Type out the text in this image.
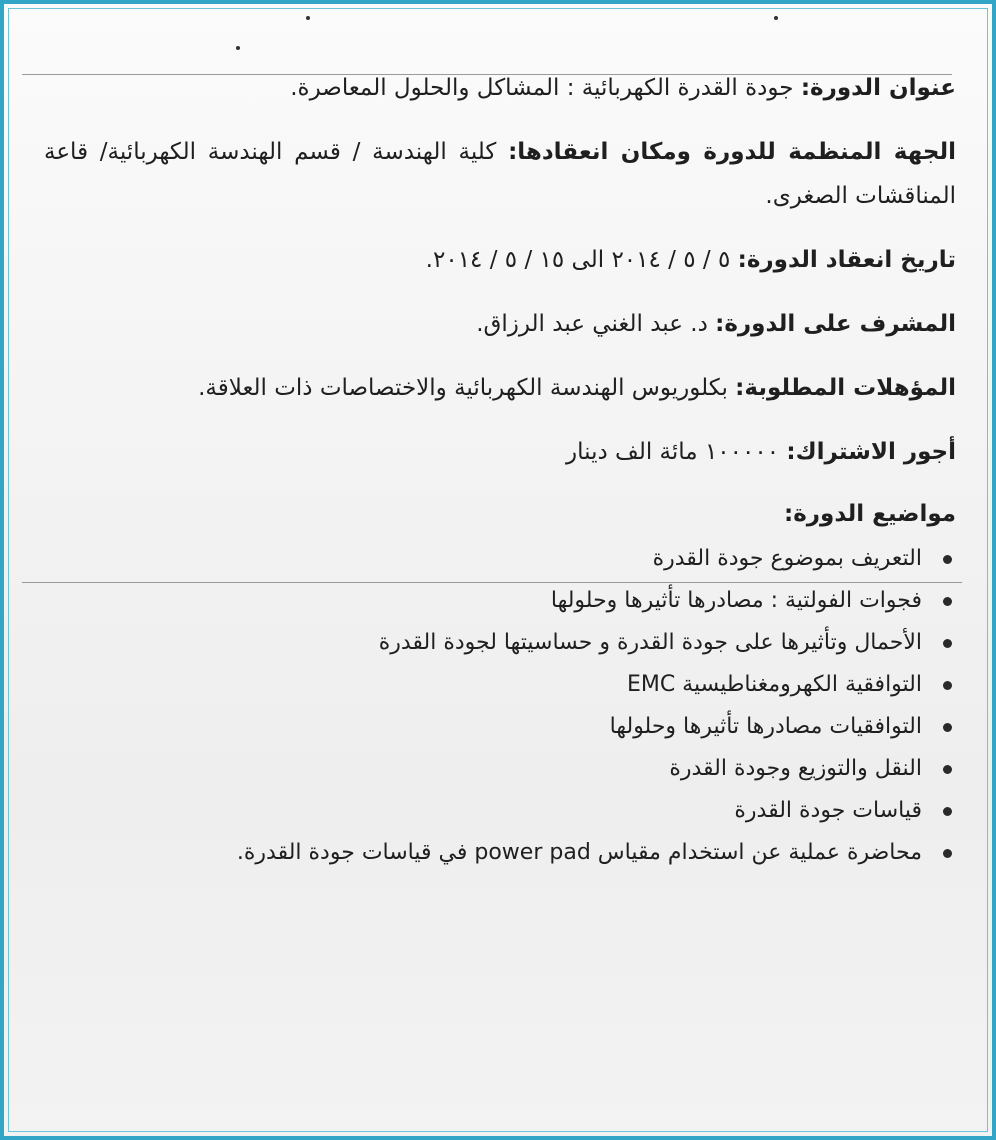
عنوان الدورة: جودة القدرة الكهربائية : المشاكل والحلول المعاصرة.

الجهة المنظمة للدورة ومكان انعقادها: كلية الهندسة / قسم الهندسة الكهربائية/ قاعة المناقشات الصغرى.

تاريخ انعقاد الدورة: ٥ / ٥ / ٢٠١٤ الى ١٥ / ٥ / ٢٠١٤.

المشرف على الدورة: د. عبد الغني عبد الرزاق.

المؤهلات المطلوبة: بكلوريوس الهندسة الكهربائية والاختصاصات ذات العلاقة.

أجور الاشتراك: ١٠٠٠٠٠ مائة الف دينار

مواضيع الدورة:
التعريف بموضوع جودة القدرة
فجوات الفولتية : مصادرها تأثيرها وحلولها
الأحمال وتأثيرها على جودة القدرة و حساسيتها لجودة القدرة
التوافقية الكهرومغناطيسية EMC
التوافقيات مصادرها تأثيرها وحلولها
النقل والتوزيع وجودة القدرة
قياسات جودة القدرة
محاضرة عملية عن استخدام مقياس power pad في قياسات جودة القدرة.
